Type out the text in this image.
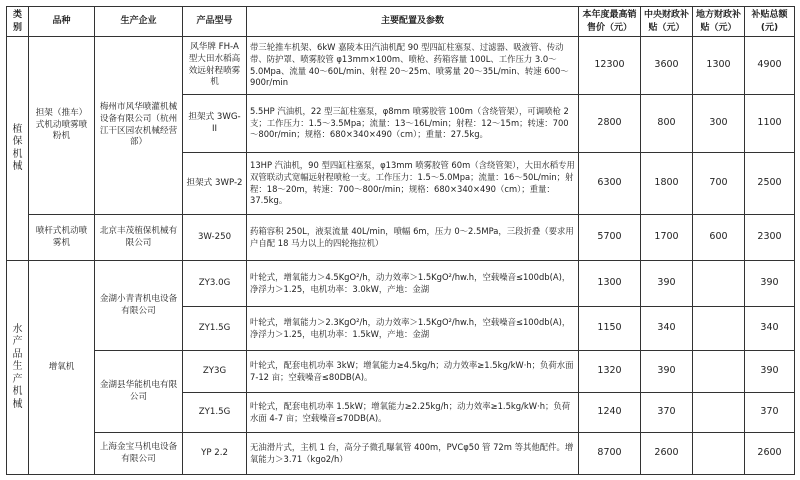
类别	品种	生产企业	产品型号	主要配置及参数	本年度最高销售价（元）	中央财政补贴（元）	地方财政补贴（元）	补贴总额(元)
植保机械	担架（推车）式机动喷雾喷粉机	梅州市风华喷灌机械设备有限公司（杭州江干区园农机械经营部）	风华牌 FH-A 型大田水稻高效远射程喷雾机	带三轮推车机架、6kW 嘉陵本田汽油机配 90 型四缸柱塞泵、过滤器、吸液管、传动带、防护罩、喷雾胶管 φ13mm×100m、喷枪、药箱容量 100L、工作压力 3.0～5.0Mpa、流量 40～60L/min、射程 20～25m、喷雾量 20～35L/min、转速 600～900r/min	12300	3600	1300	4900
			担架式 3WG-II	5.5HP 汽油机，22 型三缸柱塞泵，φ8mm 喷雾胶管 100m（含绕管架），可调喷枪 2 支；工作压力：1.5～3.5Mpa；流量：13～16L/min；射程：12～15m；转速：700～800r/min；规格：680×340×490（cm）；重量：27.5kg。	2800	800	300	1100
			担架式 3WP-2	13HP 汽油机，90 型四缸柱塞泵，φ13mm 喷雾胶管 60m（含绕管架），大田水稻专用双管联动式宽幅远射程喷枪一支。工作压力：1.5～5.0Mpa；流量：16～50L/min；射程：18～20m，转速：700～800r/min；规格：680×340×490（cm）；重量：37.5kg。	6300	1800	700	2500
	喷杆式机动喷雾机	北京丰茂植保机械有限公司	3W-250	药箱容积 250L，液泵流量 40L/min，喷幅 6m，压力 0～2.5MPa，三段折叠（要求用户自配 18 马力以上的四轮拖拉机）	5700	1700	600	2300
水产品生产机械	增氧机	金湖小青青机电设备有限公司	ZY3.0G	叶轮式，增氧能力＞4.5KgO²/h，动力效率＞1.5KgO²/hw.h，空载噪音≤100db(A)，净浮力＞1.25，电机功率：3.0kW，产地：金湖	1300	390		390
			ZY1.5G	叶轮式，增氧能力＞2.3KgO²/h，动力效率＞1.5KgO²/hw.h，空载噪音≤100db(A)，净浮力＞1.25，电机功率：1.5kW，产地：金湖	1150	340		340
		金湖县华能机电有限公司	ZY3G	叶轮式，配套电机功率 3kW；增氧能力≥4.5kg/h；动力效率≥1.5kg/kW·h；负荷水面 7-12 亩；空载噪音≤80DB(A)。	1320	390		390
			ZY1.5G	叶轮式，配套电机功率 1.5kW；增氧能力≥2.25kg/h；动力效率≥1.5kg/kW·h；负荷水面 4-7 亩；空载噪音≤70DB(A)。	1240	370		370
		上海金宝马机电设备有限公司	YP 2.2	无油滑片式，主机 1 台，高分子微孔曝氧管 400m，PVCφ50 管 72m 等其他配件。增氧能力＞3.71（kgo2/h）	8700	2600		2600
